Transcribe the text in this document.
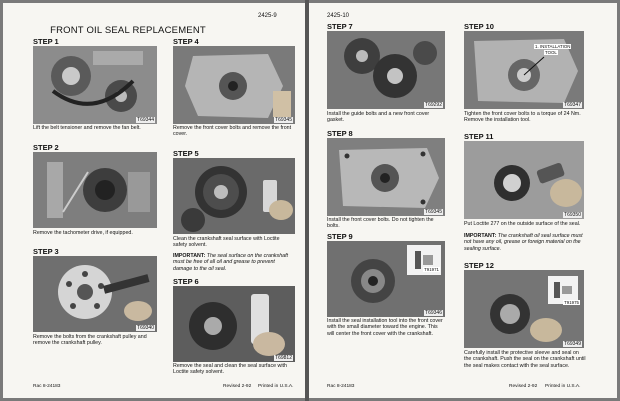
2425-9
FRONT OIL SEAL REPLACEMENT
STEP 1
T69344
Lift the belt tensioner and remove the fan belt.
STEP 2
Remove the tachometer drive, if equipped.
STEP 3
T69340
Remove the bolts from the crankshaft pulley and remove the crankshaft pulley.
STEP 4
T69345
Remove the front cover bolts and remove the front cover.
STEP 5
Clean the crankshaft seal surface with Loctite safety solvent.
IMPORTANT: The seal surface on the crankshaft must be free of all oil and grease to prevent damage to the oil seal.
STEP 6
T69812
Remove the seal and clean the seal surface with Loctite safety solvent.
Rac 8-24183	Revised 2-92 Printed in U.S.A.
2425-10
STEP 7
T69292
Install the guide bolts and a new front cover gasket.
STEP 8
T69345
Install the front cover bolts. Do not tighten the bolts.
STEP 9
T91971
T69346
Install the seal installation tool into the front cover with the small diameter toward the engine. This will center the front cover with the crankshaft.
STEP 10
1. INSTALLATION
TOOL
T69347
Tighten the front cover bolts to a torque of 24 Nm. Remove the installation tool.
STEP 11
T69350
Put Loctite 277 on the outside surface of the seal.
IMPORTANT: The crankshaft oil seal surface must not have any oil, grease or foreign material on the sealing surface.
STEP 12
T91975
T69349
Carefully install the protective sleeve and seal on the crankshaft. Push the seal on the crankshaft until the seal makes contact with the seal surface.
Rac 8-24183	Revised 2-92 Printed in U.S.A.
